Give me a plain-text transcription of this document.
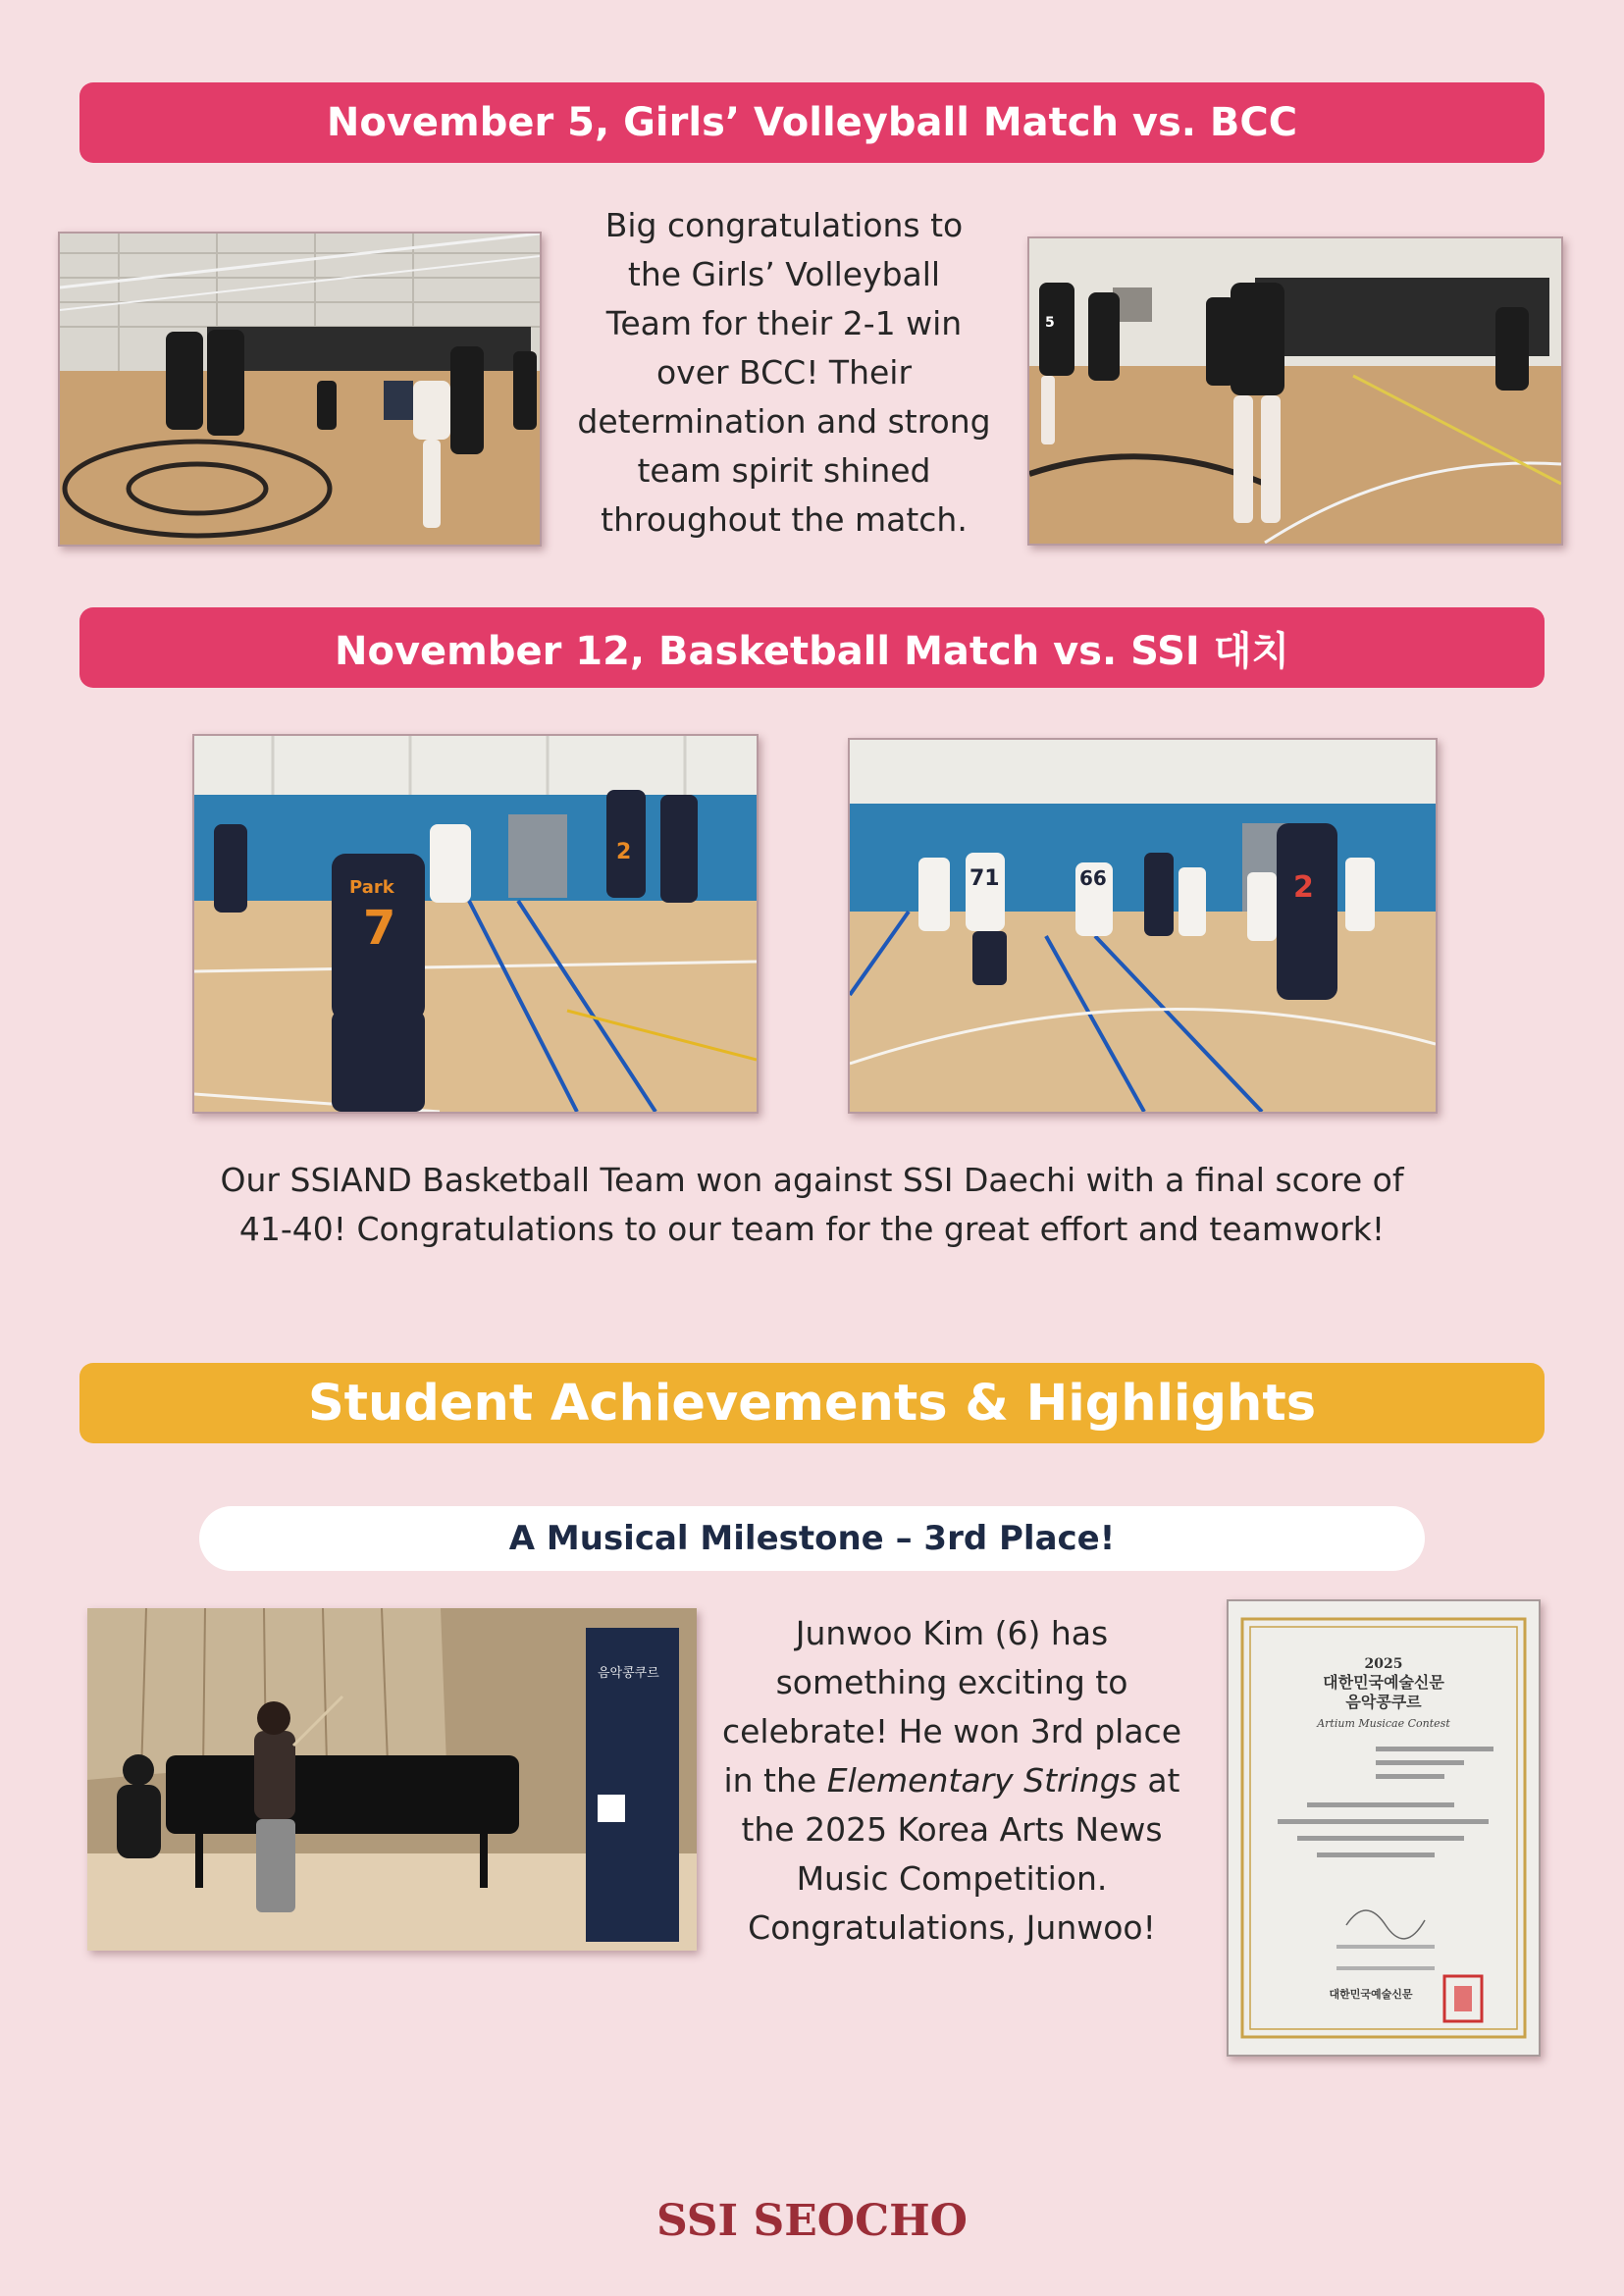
November 5, Girls’ Volleyball Match vs. BCC

Big congratulations to
the Girls’ Volleyball
Team for their 2-1 win
over BCC! Their
determination and strong
team spirit shined
throughout the match.

5
November 12, Basketball Match vs. SSI 대치
Park
7
2
71	66	2

Our SSIAND Basketball Team won against SSI Daechi with a final score of
41-40! Congratulations to our team for the great effort and teamwork!

Student Achievements & Highlights
A Musical Milestone – 3rd Place!
음악콩쿠르

Junwoo Kim (6) has
something exciting to
celebrate! He won 3rd place
in the Elementary Strings at
the 2025 Korea Arts News
Music Competition.
Congratulations, Junwoo!

2025
대한민국예술신문
음악콩쿠르
Artium Musicae Contest
대한민국예술신문
SSI SEOCHO
